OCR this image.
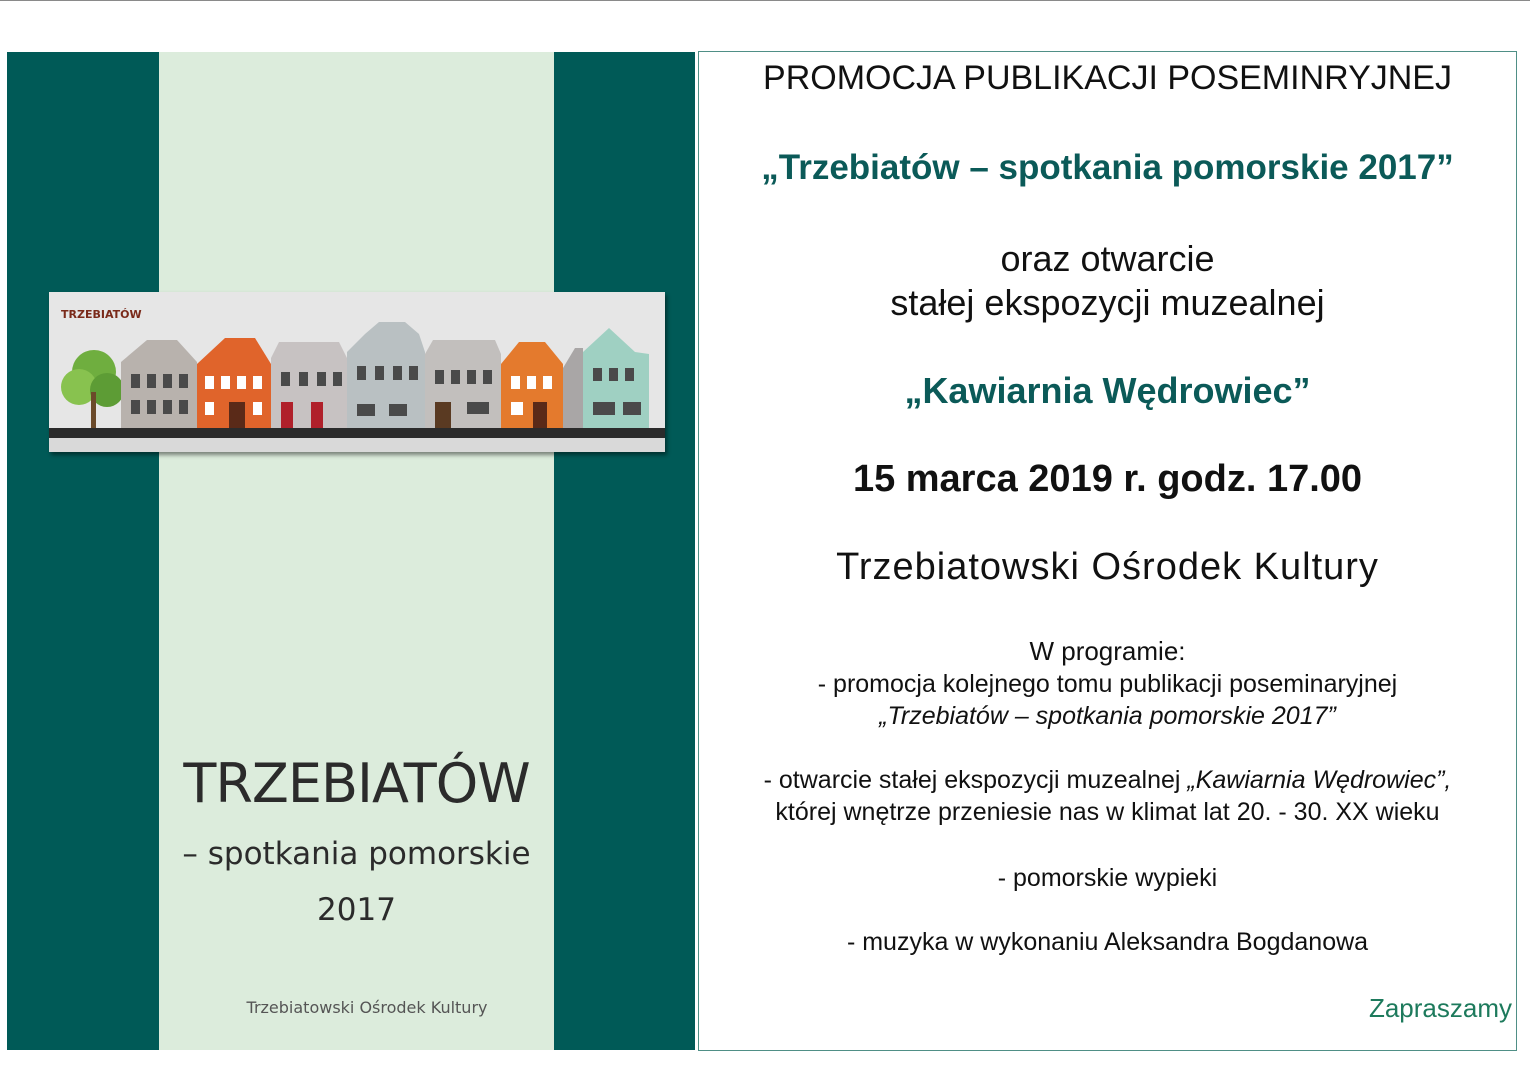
TRZEBIATÓW
TRZEBIATÓW
– spotkania pomorskie
2017
Trzebiatowski Ośrodek Kultury
PROMOCJA PUBLIKACJI POSEMINRYJNEJ
„Trzebiatów – spotkania pomorskie 2017”
oraz otwarcie
stałej ekspozycji muzealnej
„Kawiarnia Wędrowiec”
15 marca 2019 r. godz. 17.00
Trzebiatowski Ośrodek Kultury
W programie:
- promocja kolejnego tomu publikacji poseminaryjnej
„Trzebiatów – spotkania pomorskie 2017”
- otwarcie stałej ekspozycji muzealnej „Kawiarnia Wędrowiec”,
której wnętrze przeniesie nas w klimat lat 20. - 30. XX wieku
- pomorskie wypieki
- muzyka w wykonaniu Aleksandra Bogdanowa
Zapraszamy
